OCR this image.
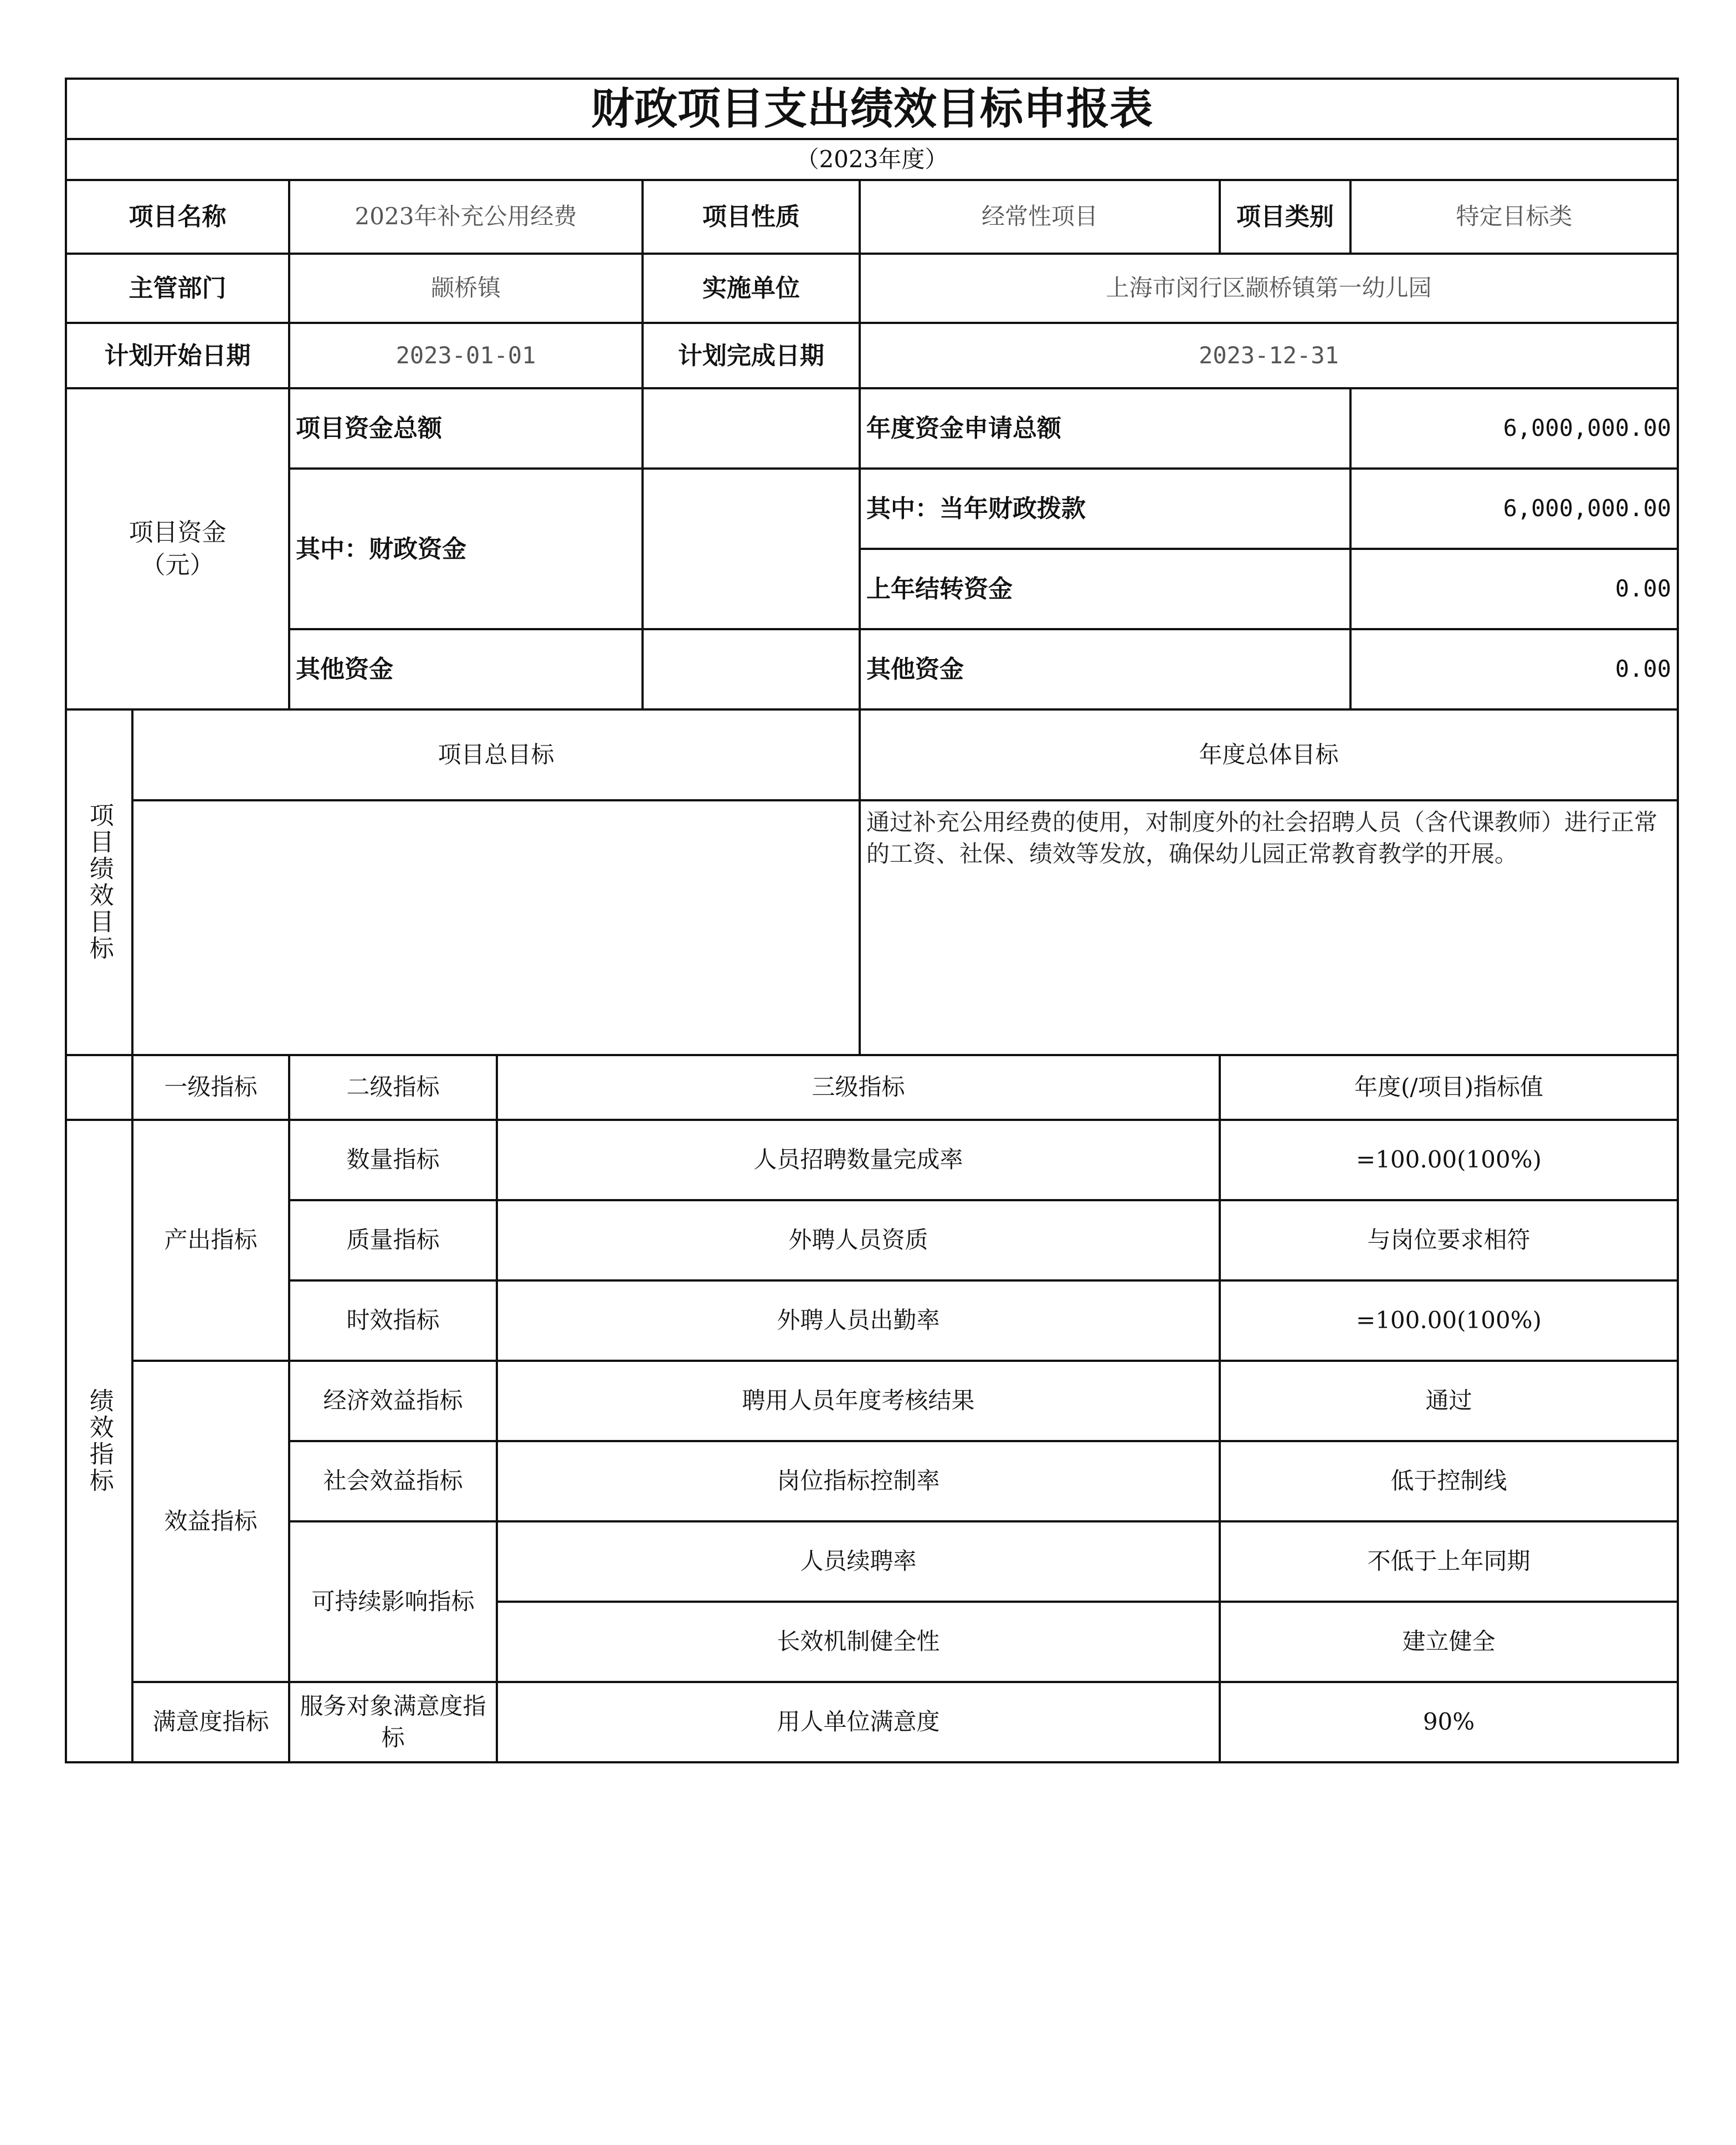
财政项目支出绩效目标申报表							
（2023年度）							
项目名称		2023年补充公用经费		项目性质	经常性项目	项目类别	特定目标类
主管部门		颛桥镇		实施单位	上海市闵行区颛桥镇第一幼儿园		
计划开始日期		2023-01-01		计划完成日期	2023-12-31		
项目资金
（元）		项目资金总额			年度资金申请总额		6,000,000.00
		其中：财政资金			其中：当年财政拨款		6,000,000.00
					上年结转资金		0.00
		其他资金			其他资金		0.00
项目绩效目标	项目总目标				年度总体目标		
					通过补充公用经费的使用，对制度外的社会招聘人员（含代课教师）进行正常的工资、社保、绩效等发放，确保幼儿园正常教育教学的开展。		
	一级指标	二级指标	三级指标			年度(/项目)指标值	
绩效指标	产出指标	数量指标	人员招聘数量完成率			=100.00(100%)	
		质量指标	外聘人员资质			与岗位要求相符	
		时效指标	外聘人员出勤率			=100.00(100%)	
	效益指标	经济效益指标	聘用人员年度考核结果			通过	
		社会效益指标	岗位指标控制率			低于控制线	
		可持续影响指标	人员续聘率			不低于上年同期	
			长效机制健全性			建立健全	
	满意度指标	服务对象满意度指标	用人单位满意度			90%	
